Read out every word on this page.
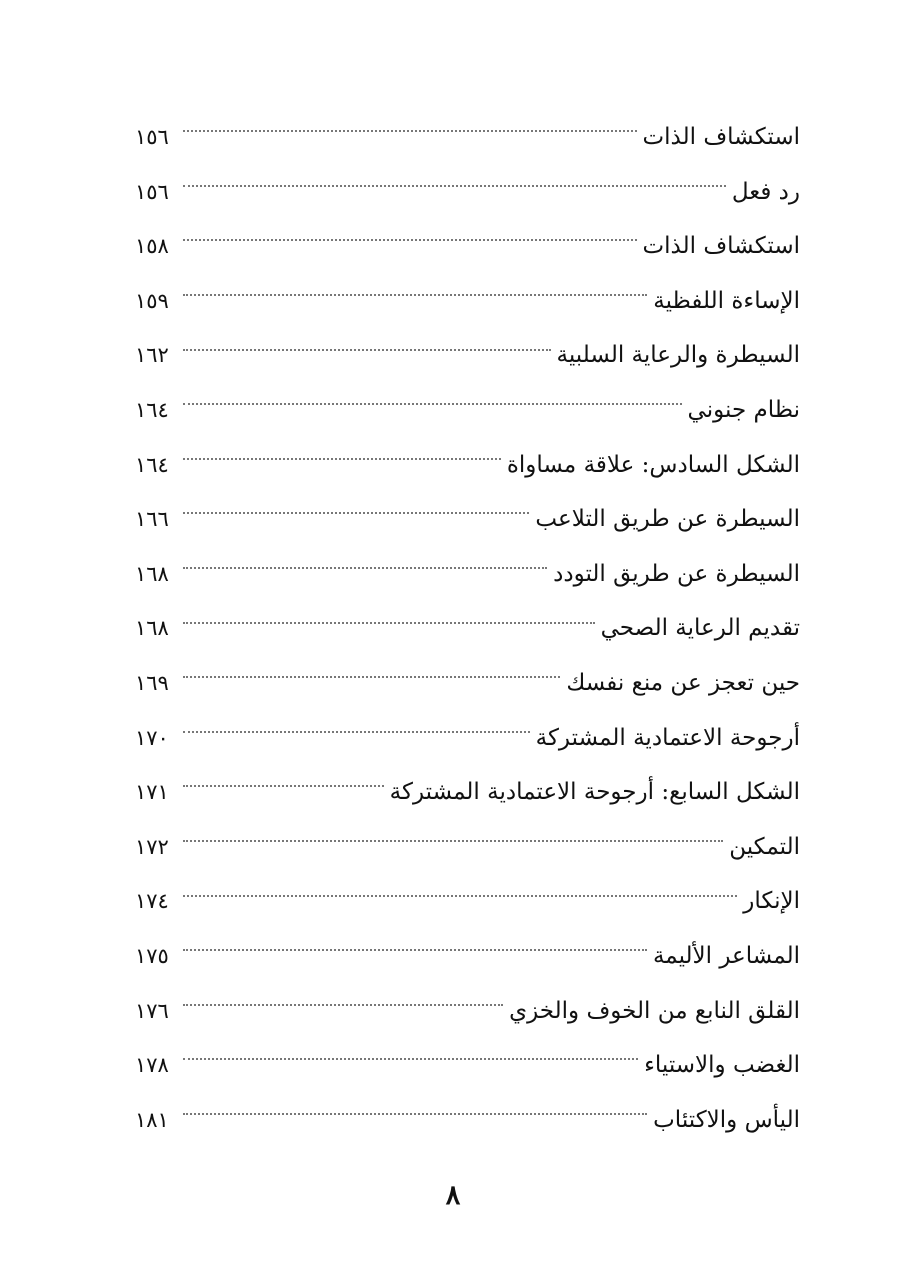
استكشاف الذات
١٥٦
رد فعل
١٥٦
استكشاف الذات
١٥٨
الإساءة اللفظية
١٥٩
السيطرة والرعاية السلبية
١٦٢
نظام جنوني
١٦٤
الشكل السادس: علاقة مساواة
١٦٤
السيطرة عن طريق التلاعب
١٦٦
السيطرة عن طريق التودد
١٦٨
تقديم الرعاية الصحي
١٦٨
حين تعجز عن منع نفسك
١٦٩
أرجوحة الاعتمادية المشتركة
١٧٠
الشكل السابع: أرجوحة الاعتمادية المشتركة
١٧١
التمكين
١٧٢
الإنكار
١٧٤
المشاعر الأليمة
١٧٥
القلق النابع من الخوف والخزي
١٧٦
الغضب والاستياء
١٧٨
اليأس والاكتئاب
١٨١
٨
